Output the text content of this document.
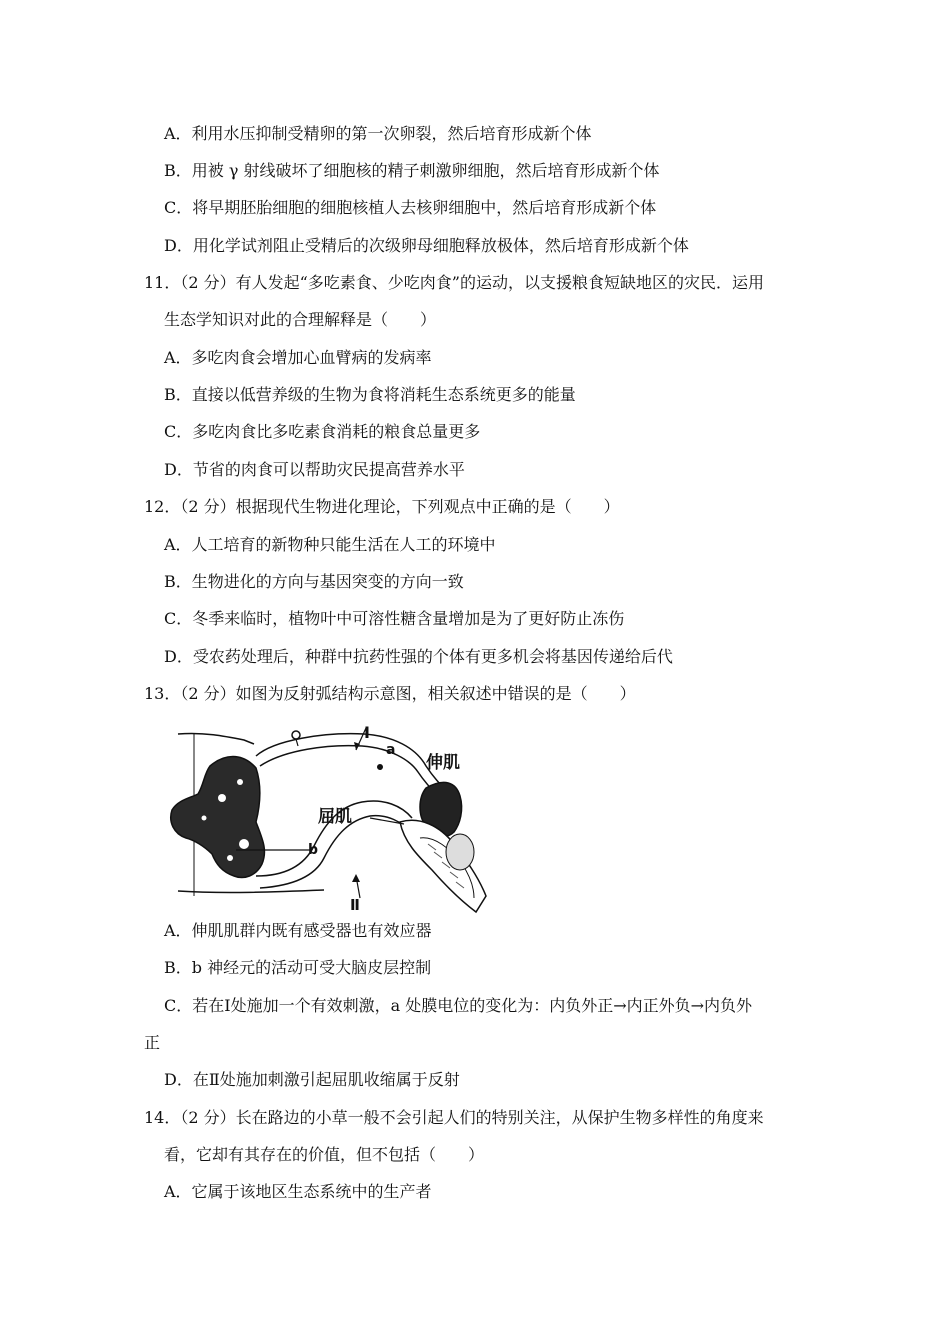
A．利用水压抑制受精卵的第一次卵裂，然后培育形成新个体
B．用被 γ 射线破坏了细胞核的精子刺激卵细胞，然后培育形成新个体
C．将早期胚胎细胞的细胞核植人去核卵细胞中，然后培育形成新个体
D．用化学试剂阻止受精后的次级卵母细胞释放极体，然后培育形成新个体
11．（2 分）有人发起“多吃素食、少吃肉食”的运动，以支援粮食短缺地区的灾民．运用
生态学知识对此的合理解释是（　　）
A．多吃肉食会增加心血臂病的发病率
B．直接以低营养级的生物为食将消耗生态系统更多的能量
C．多吃肉食比多吃素食消耗的粮食总量更多
D．节省的肉食可以帮助灾民提高营养水平
12．（2 分）根据现代生物进化理论，下列观点中正确的是（　　）
A．人工培育的新物种只能生活在人工的环境中
B．生物进化的方向与基因突变的方向一致
C．冬季来临时，植物叶中可溶性糖含量增加是为了更好防止冻伤
D．受农药处理后，种群中抗药性强的个体有更多机会将基因传递给后代
13．（2 分）如图为反射弧结构示意图，相关叙述中错误的是（　　）
I
a
b
Ⅱ
伸肌
屈肌
A．伸肌肌群内既有感受器也有效应器
B．b 神经元的活动可受大脑皮层控制
C．若在Ⅰ处施加一个有效刺激，a 处膜电位的变化为：内负外正→内正外负→内负外
正
D．在Ⅱ处施加刺激引起屈肌收缩属于反射
14．（2 分）长在路边的小草一般不会引起人们的特别关注，从保护生物多样性的角度来
看，它却有其存在的价值，但不包括（　　）
A．它属于该地区生态系统中的生产者
